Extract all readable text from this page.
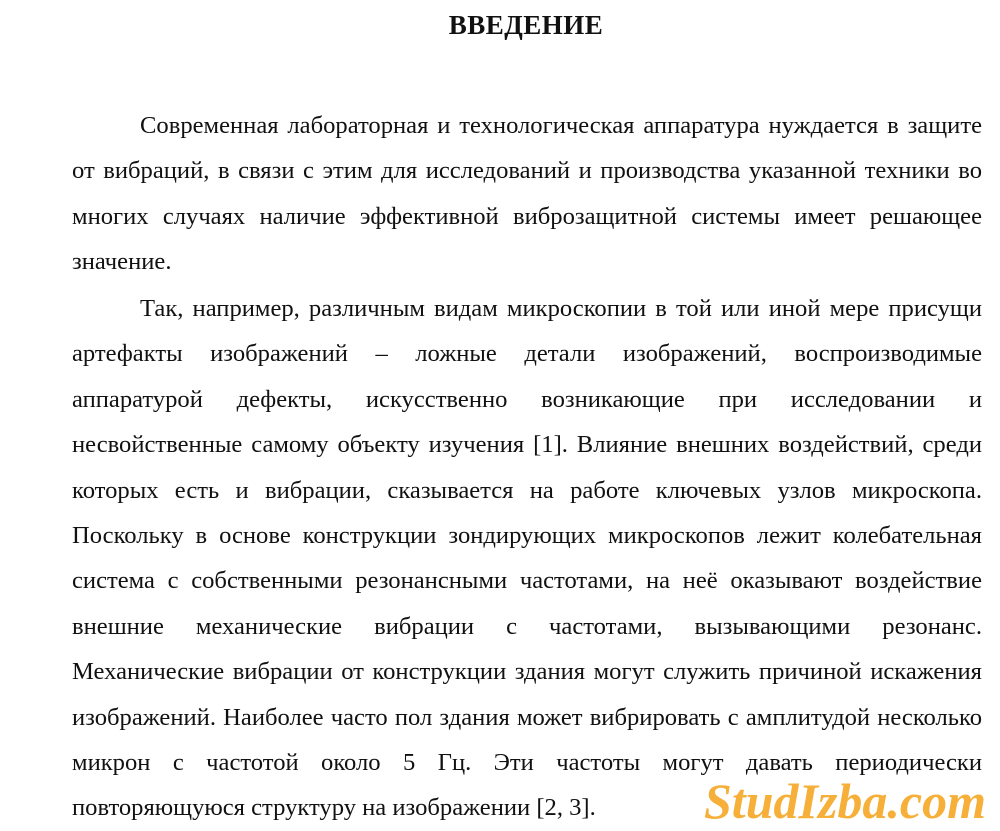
ВВЕДЕНИЕ

Современная лабораторная и технологическая аппаратура нуждается в защите от вибраций, в связи с этим для исследований и производства указанной техники во многих случаях наличие эффективной виброзащитной системы имеет решающее значение.

Так, например, различным видам микроскопии в той или иной мере присущи артефакты изображений – ложные детали изображений, воспроизводимые аппаратурой дефекты, искусственно возникающие при исследовании и несвойственные самому объекту изучения [1]. Влияние внешних воздействий, среди которых есть и вибрации, сказывается на работе ключевых узлов микроскопа. Поскольку в основе конструкции зондирующих микроскопов лежит колебательная система с собственными резонансными частотами, на неё оказывают воздействие внешние механические вибрации с частотами, вызывающими резонанс. Механические вибрации от конструкции здания могут служить причиной искажения изображений. Наиболее часто пол здания может вибрировать с амплитудой несколько микрон с частотой около 5 Гц. Эти частоты могут давать периодически повторяющуюся структуру на изображении [2, 3].	StudIzba.com
